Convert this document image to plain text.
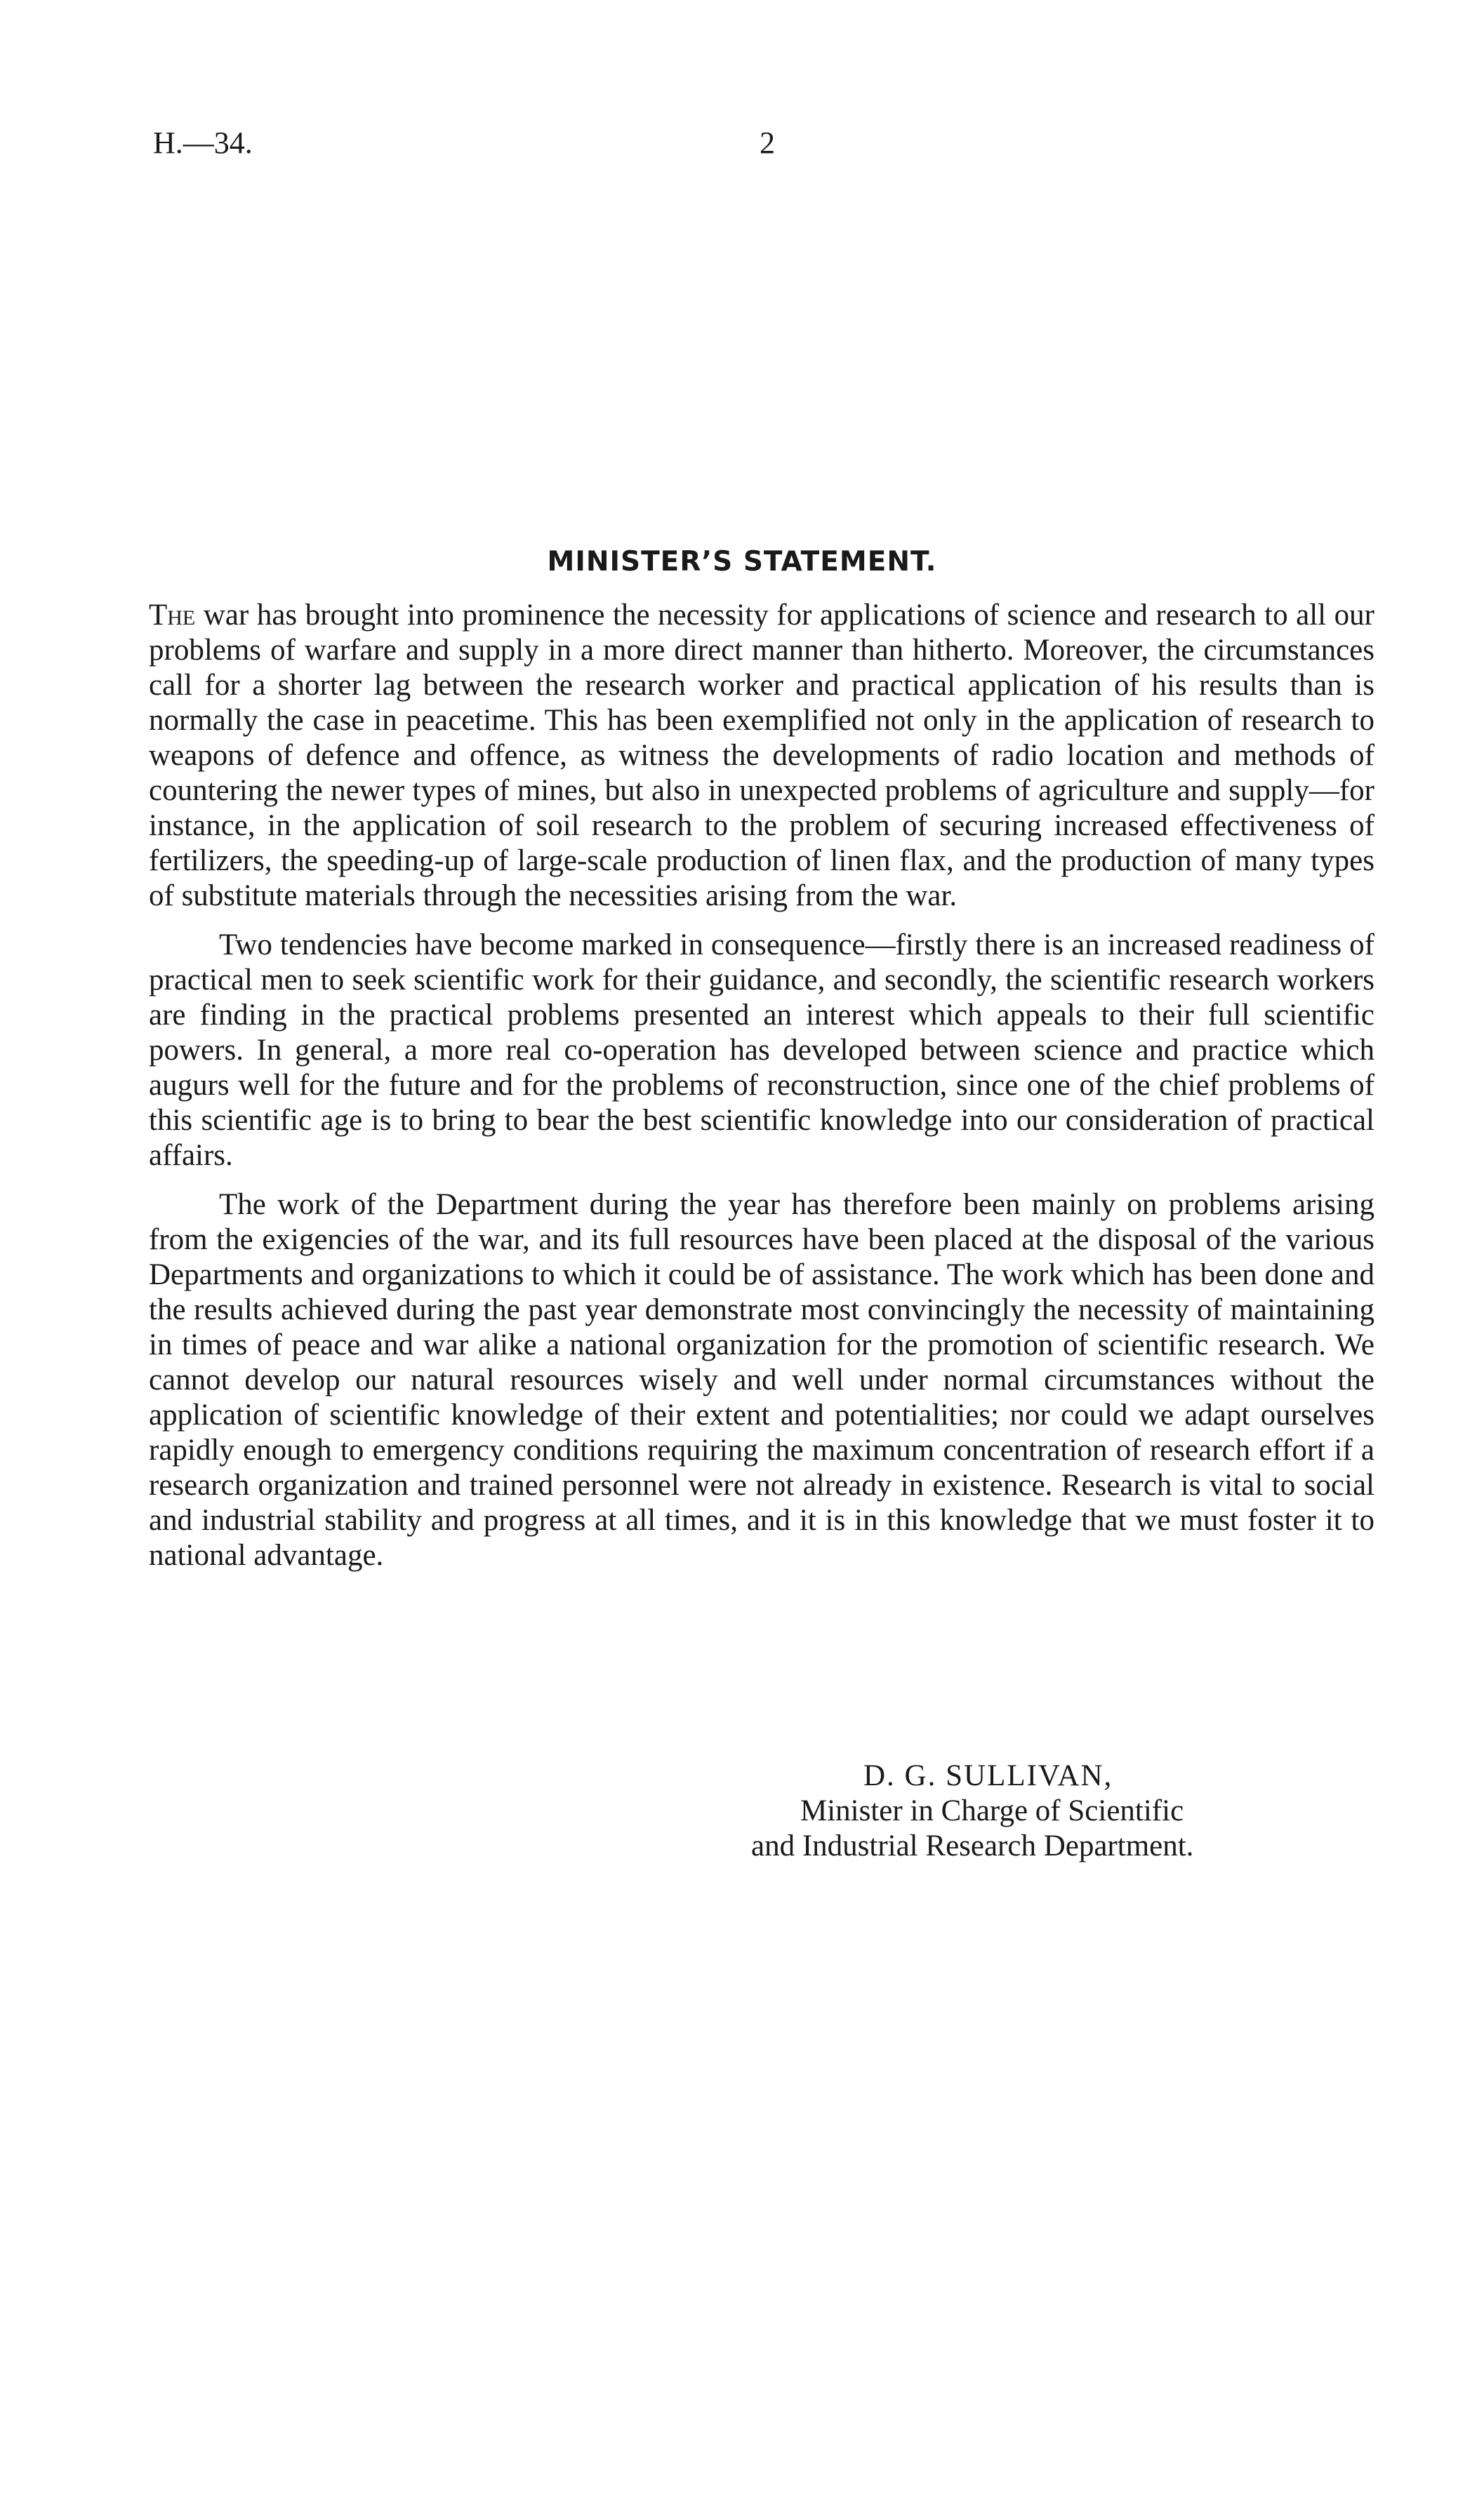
H.—34.	2
MINISTER’S STATEMENT.

The war has brought into prominence the necessity for applications of science and research to all our problems of warfare and supply in a more direct manner than hitherto. Moreover, the circumstances call for a shorter lag between the research worker and practical application of his results than is normally the case in peacetime. This has been exemplified not only in the application of research to weapons of defence and offence, as witness the developments of radio location and methods of countering the newer types of mines, but also in unexpected problems of agriculture and supply—for instance, in the application of soil research to the problem of securing increased effectiveness of fertilizers, the speeding-up of large-scale production of linen flax, and the production of many types of substitute materials through the necessities arising from the war.

Two tendencies have become marked in consequence—firstly there is an increased readiness of practical men to seek scientific work for their guidance, and secondly, the scientific research workers are finding in the practical problems presented an interest which appeals to their full scientific powers. In general, a more real co-operation has developed between science and practice which augurs well for the future and for the problems of reconstruction, since one of the chief problems of this scientific age is to bring to bear the best scientific knowledge into our consideration of practical affairs.

The work of the Department during the year has therefore been mainly on problems arising from the exigencies of the war, and its full resources have been placed at the disposal of the various Departments and organizations to which it could be of assistance. The work which has been done and the results achieved during the past year demonstrate most convincingly the necessity of maintaining in times of peace and war alike a national organization for the promotion of scientific research. We cannot develop our natural resources wisely and well under normal circumstances without the application of scientific knowledge of their extent and potentialities; nor could we adapt ourselves rapidly enough to emergency conditions requiring the maximum concentration of research effort if a research organization and trained personnel were not already in existence. Research is vital to social and industrial stability and progress at all times, and it is in this knowledge that we must foster it to national advantage.

D. G. SULLIVAN,
Minister in Charge of Scientific
and Industrial Research Department.
